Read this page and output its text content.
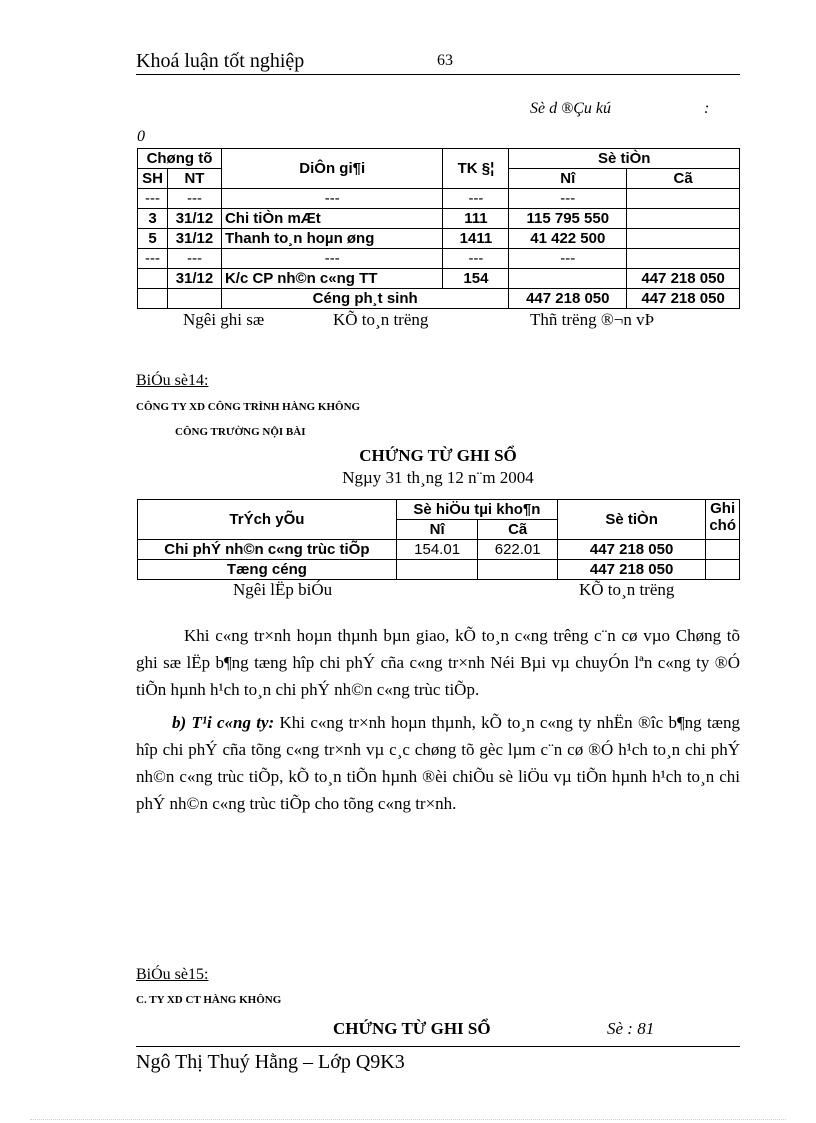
Khoá luận tốt nghiệp	63
Sè d ®Çu kú	:
0
Chøng tõ		DiÔn gi¶i	TK §¦	Sè tiÒn	
SH	NT			Nî	Cã
---	---	---	---	---	
3	31/12	Chi tiÒn mÆt	111	115 795 550	
5	31/12	Thanh to¸n hoµn øng	1411	41 422 500	
---	---	---	---	---	
	31/12	K/c CP nh©n c«ng TT	154		447 218 050
		Céng ph¸t sinh		447 218 050	447 218 050
Ngêi ghi sæ	KÕ to¸n trëng	Thñ trëng ®¬n vÞ
BiÓu sè14:
CÔNG TY XD CÔNG TRÌNH HÀNG KHÔNG
CÔNG TRƯỜNG NỘI BÀI
CHỨNG TỪ GHI SỔ
Ngµy 31 th¸ng 12 n¨m 2004
TrÝch yÕu	Sè hiÖu tµi kho¶n		Sè tiÒn	Ghi chó
	Nî	Cã		
Chi phÝ nh©n c«ng trùc tiÕp	154.01	622.01	447 218 050	
Tæng céng			447 218 050	
Ngêi lËp biÓu	KÕ to¸n trëng
Khi c«ng tr×nh hoµn thµnh bµn giao, kÕ to¸n c«ng trêng c¨n cø vµo Chøng tõ ghi sæ lËp b¶ng tæng hîp chi phÝ cña c«ng tr×nh Néi Bµi vµ chuyÓn lªn c«ng ty ®Ó tiÕn hµnh h¹ch to¸n chi phÝ nh©n c«ng trùc tiÕp.
b) T¹i c«ng ty: Khi c«ng tr×nh hoµn thµnh, kÕ to¸n c«ng ty nhËn ®îc b¶ng tæng hîp chi phÝ cña tõng c«ng tr×nh vµ c¸c chøng tõ gèc lµm c¨n cø ®Ó h¹ch to¸n chi phÝ nh©n c«ng trùc tiÕp, kÕ to¸n tiÕn hµnh ®èi chiÕu sè liÖu vµ tiÕn hµnh h¹ch to¸n chi phÝ nh©n c«ng trùc tiÕp cho tõng c«ng tr×nh.
BiÓu sè15:
C. TY XD CT HÀNG KHÔNG
CHỨNG TỪ GHI SỔ	Sè : 81
Ngô Thị Thuý Hằng – Lớp Q9K3
